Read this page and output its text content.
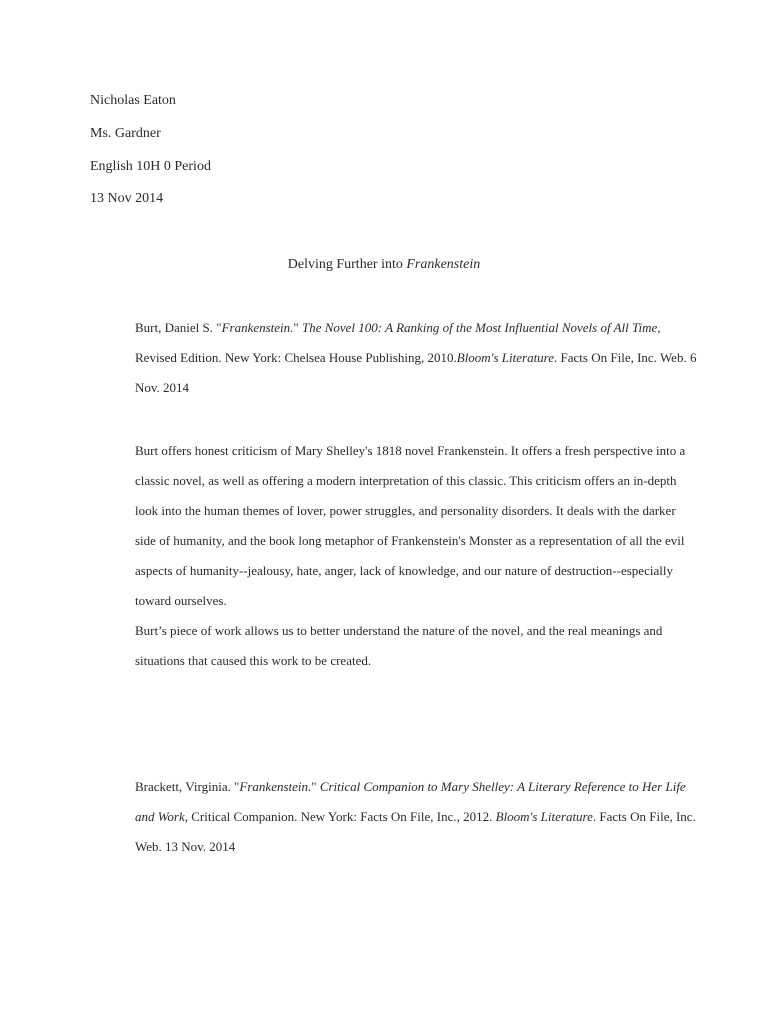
Nicholas Eaton
Ms. Gardner
English 10H 0 Period
13 Nov 2014
Delving Further into Frankenstein
Burt, Daniel S. "Frankenstein." The Novel 100: A Ranking of the Most Influential Novels of All Time,
Revised Edition. New York: Chelsea House Publishing, 2010.Bloom's Literature. Facts On File, Inc. Web. 6
Nov. 2014
Burt offers honest criticism of Mary Shelley's 1818 novel Frankenstein. It offers a fresh perspective into a
classic novel, as well as offering a modern interpretation of this classic. This criticism offers an in-depth
look into the human themes of lover, power struggles, and personality disorders. It deals with the darker
side of humanity, and the book long metaphor of Frankenstein's Monster as a representation of all the evil
aspects of humanity--jealousy, hate, anger, lack of knowledge, and our nature of destruction--especially
toward ourselves.
Burt’s piece of work allows us to better understand the nature of the novel, and the real meanings and
situations that caused this work to be created.
Brackett, Virginia. "Frankenstein." Critical Companion to Mary Shelley: A Literary Reference to Her Life
and Work, Critical Companion. New York: Facts On File, Inc., 2012. Bloom's Literature. Facts On File, Inc.
Web. 13 Nov. 2014
